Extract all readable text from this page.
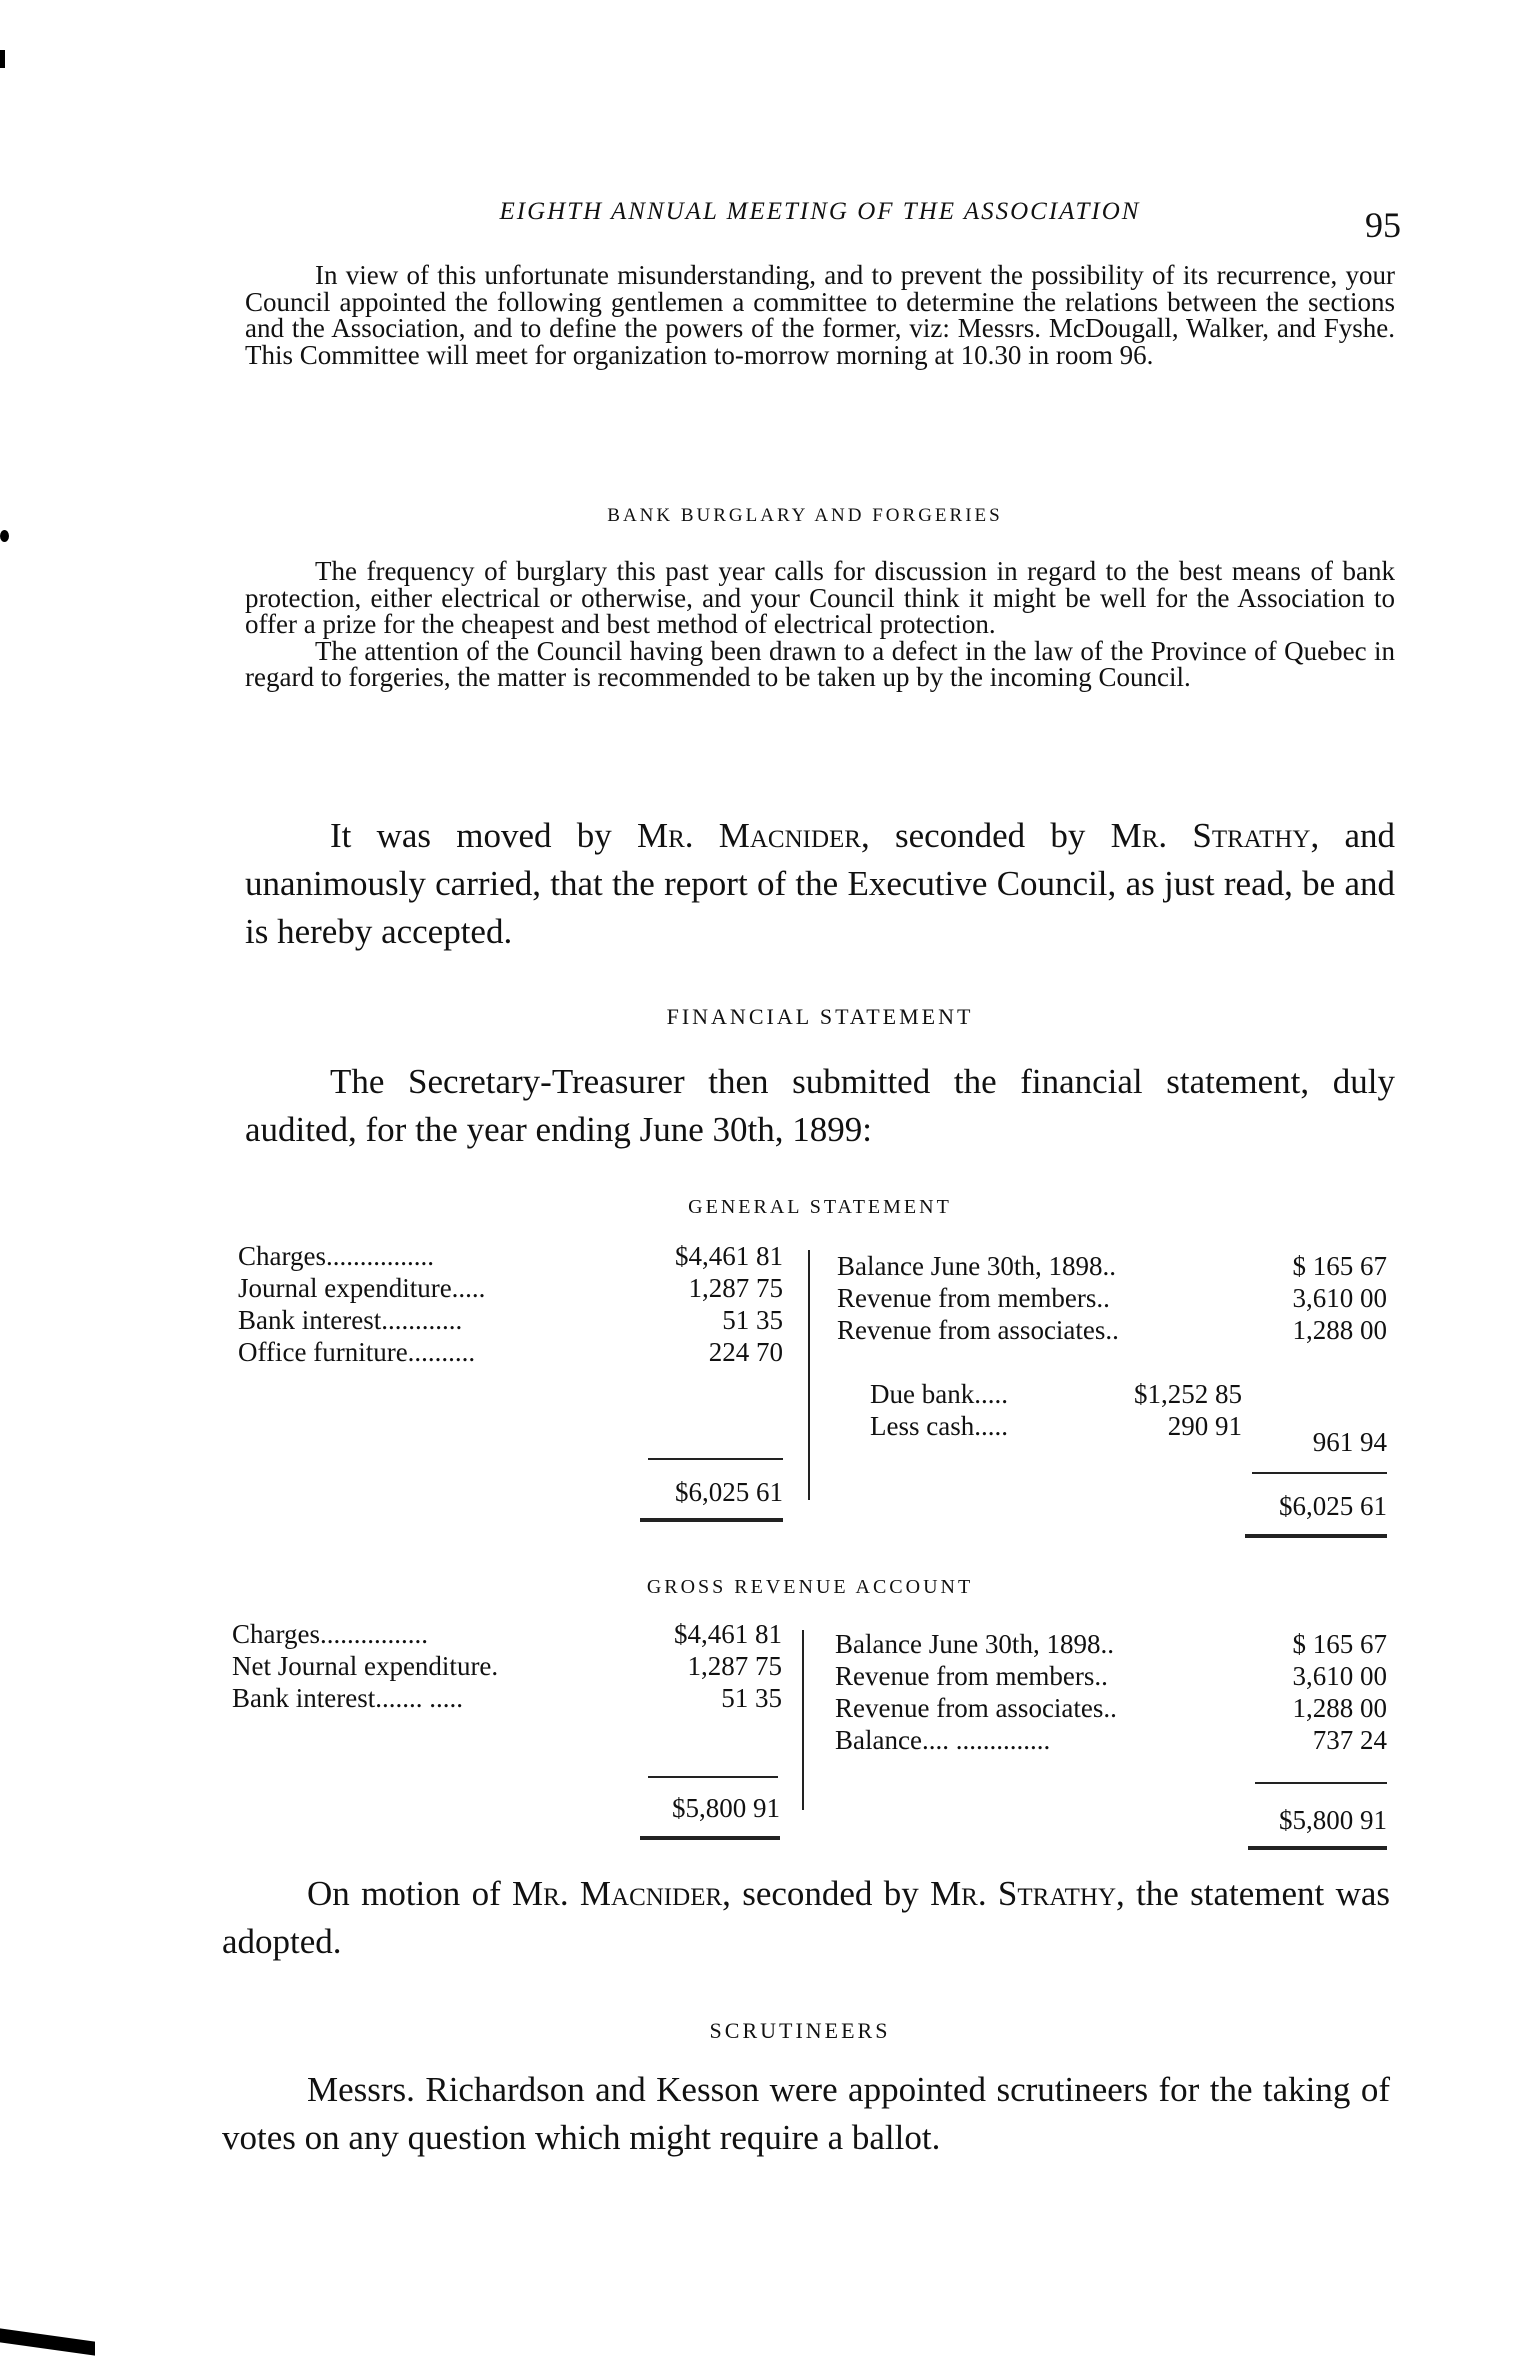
EIGHTH ANNUAL MEETING OF THE ASSOCIATION	95

In view of this unfortunate misunderstanding, and to prevent the possibility of its recurrence, your Council appointed the following gentlemen a committee to determine the relations between the sections and the Association, and to define the powers of the former, viz: Messrs. McDougall, Walker, and Fyshe. This Committee will meet for organization to-morrow morning at 10.30 in room 96.

BANK BURGLARY AND FORGERIES

The frequency of burglary this past year calls for discussion in regard to the best means of bank protection, either electrical or otherwise, and your Council think it might be well for the Association to offer a prize for the cheapest and best method of electrical protection.

The attention of the Council having been drawn to a defect in the law of the Province of Quebec in regard to forgeries, the matter is recommended to be taken up by the incoming Council.

It was moved by Mr. Macnider, seconded by Mr. Strathy, and unanimously carried, that the report of the Executive Council, as just read, be and is hereby accepted.

FINANCIAL STATEMENT

The Secretary-Treasurer then submitted the financial statement, duly audited, for the year ending June 30th, 1899:

GENERAL STATEMENT
Charges................	$4,461 81
Journal expenditure.....	1,287 75
Bank interest............	51 35
Office furniture..........	224 70
$6,025 61
Balance June 30th, 1898..	$ 165 67
Revenue from members..	3,610 00
Revenue from associates..	1,288 00
Due bank.....	$1,252 85
Less cash.....	290 91
961 94
$6,025 61
GROSS REVENUE ACCOUNT
Charges................	$4,461 81
Net Journal expenditure.	1,287 75
Bank interest....... .....	51 35
$5,800 91
Balance June 30th, 1898..	$ 165 67
Revenue from members..	3,610 00
Revenue from associates..	1,288 00
Balance.... ..............	737 24
$5,800 91

On motion of Mr. Macnider, seconded by Mr. Strathy, the statement was adopted.

SCRUTINEERS

Messrs. Richardson and Kesson were appointed scrutineers for the taking of votes on any question which might require a ballot.
